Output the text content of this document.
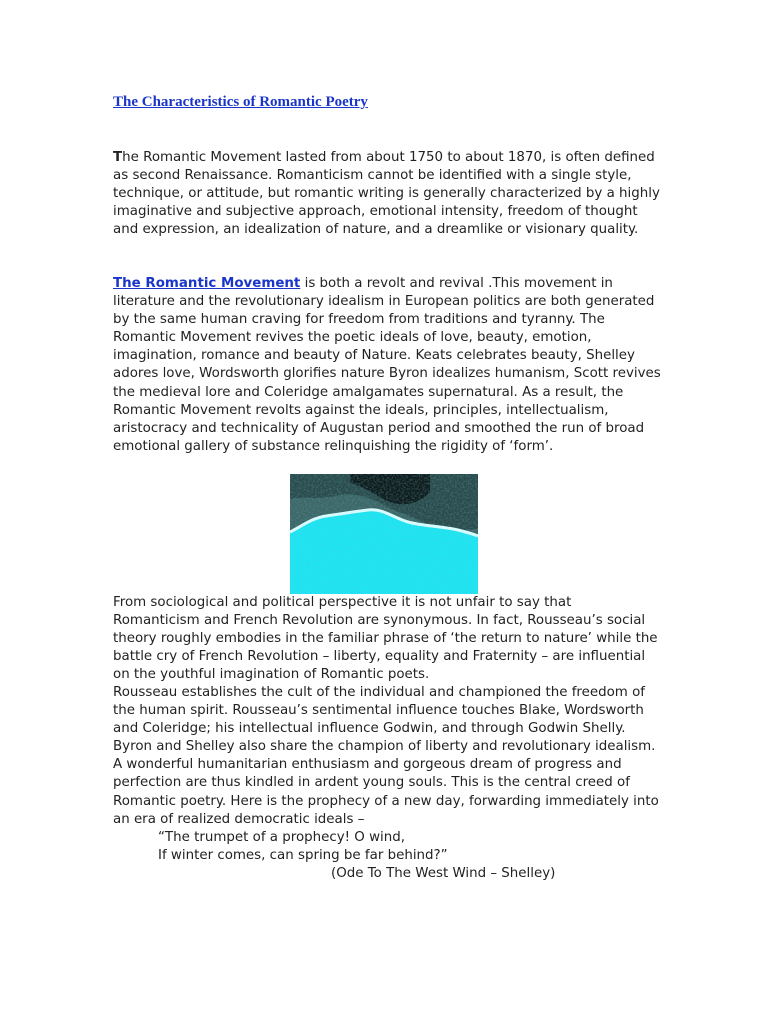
The Characteristics of Romantic Poetry

The Romantic Movement lasted from about 1750 to about 1870, is often defined as second Renaissance. Romanticism cannot be identified with a single style, technique, or attitude, but romantic writing is generally characterized by a highly imaginative and subjective approach, emotional intensity, freedom of thought and expression, an idealization of nature, and a dreamlike or visionary quality.

The Romantic Movement is both a revolt and revival .This movement in literature and the revolutionary idealism in European politics are both generated by the same human craving for freedom from traditions and tyranny. The Romantic Movement revives the poetic ideals of love, beauty, emotion, imagination, romance and beauty of Nature. Keats celebrates beauty, Shelley adores love, Wordsworth glorifies nature Byron idealizes humanism, Scott revives the medieval lore and Coleridge amalgamates supernatural. As a result, the Romantic Movement revolts against the ideals, principles, intellectualism, aristocracy and technicality of Augustan period and smoothed the run of broad emotional gallery of substance relinquishing the rigidity of ‘form’.

From sociological and political perspective it is not unfair to say that Romanticism and French Revolution are synonymous. In fact, Rousseau’s social theory roughly embodies in the familiar phrase of ‘the return to nature’ while the battle cry of French Revolution – liberty, equality and Fraternity – are influential on the youthful imagination of Romantic poets.

Rousseau establishes the cult of the individual and championed the freedom of the human spirit. Rousseau’s sentimental influence touches Blake, Wordsworth and Coleridge; his intellectual influence Godwin, and through Godwin Shelly. Byron and Shelley also share the champion of liberty and revolutionary idealism. A wonderful humanitarian enthusiasm and gorgeous dream of progress and perfection are thus kindled in ardent young souls. This is the central creed of Romantic poetry. Here is the prophecy of a new day, forwarding immediately into an era of realized democratic ideals –

“The trumpet of a prophecy! O wind,

If winter comes, can spring be far behind?”

(Ode To The West Wind – Shelley)
